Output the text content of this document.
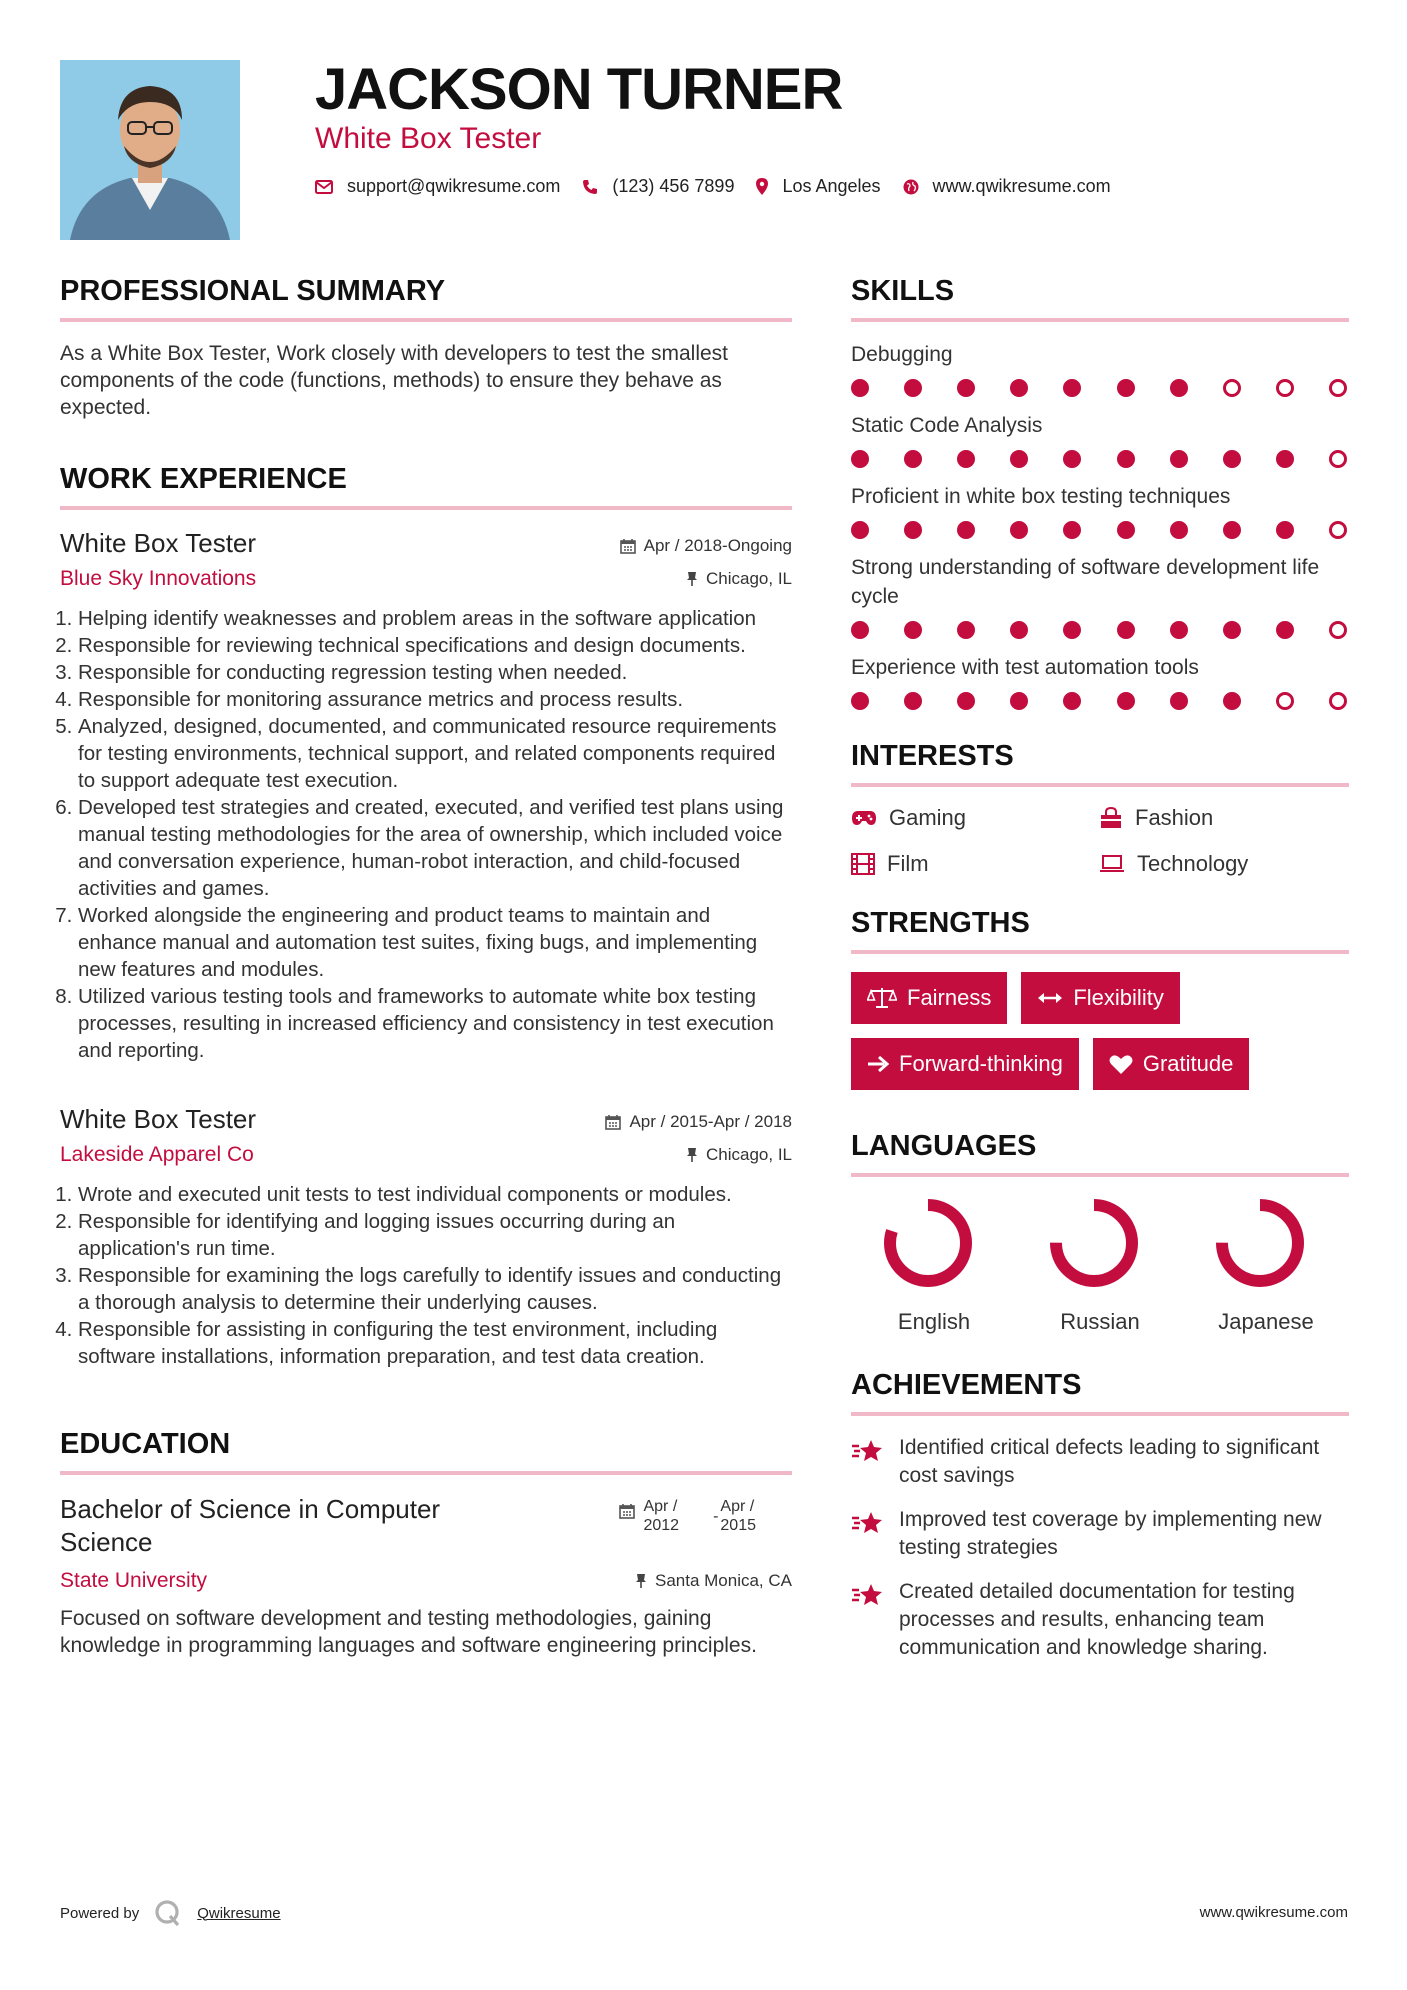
JACKSON TURNER
White Box Tester
support@qwikresume.com	(123) 456 7899	Los Angeles	www.qwikresume.com
PROFESSIONAL SUMMARY

As a White Box Tester, Work closely with developers to test the smallest components of the code (functions, methods) to ensure they behave as expected.

WORK EXPERIENCE
White Box Tester	Apr / 2018-Ongoing
Blue Sky Innovations	Chicago, IL
1. Helping identify weaknesses and problem areas in the software application
2. Responsible for reviewing technical specifications and design documents.
3. Responsible for conducting regression testing when needed.
4. Responsible for monitoring assurance metrics and process results.
5. Analyzed, designed, documented, and communicated resource requirements for testing environments, technical support, and related components required to support adequate test execution.
6. Developed test strategies and created, executed, and verified test plans using manual testing methodologies for the area of ownership, which included voice and conversation experience, human-robot interaction, and child-focused activities and games.
7. Worked alongside the engineering and product teams to maintain and enhance manual and automation test suites, fixing bugs, and implementing new features and modules.
8. Utilized various testing tools and frameworks to automate white box testing processes, resulting in increased efficiency and consistency in test execution and reporting.
White Box Tester	Apr / 2015-Apr / 2018
Lakeside Apparel Co	Chicago, IL
1. Wrote and executed unit tests to test individual components or modules.
2. Responsible for identifying and logging issues occurring during an application's run time.
3. Responsible for examining the logs carefully to identify issues and conducting a thorough analysis to determine their underlying causes.
4. Responsible for assisting in configuring the test environment, including software installations, information preparation, and test data creation.
EDUCATION
Bachelor of Science in Computer Science
Apr /
2012
-
Apr /
2015
State University	Santa Monica, CA

Focused on software development and testing methodologies, gaining knowledge in programming languages and software engineering principles.

SKILLS
Debugging
Static Code Analysis
Proficient in white box testing techniques
Strong understanding of software development life cycle
Experience with test automation tools
INTERESTS
Gaming	Fashion
Film	Technology
STRENGTHS
Fairness	Flexibility
Forward-thinking	Gratitude
LANGUAGES
English	Russian	Japanese
ACHIEVEMENTS
Identified critical defects leading to significant cost savings
Improved test coverage by implementing new testing strategies
Created detailed documentation for testing processes and results, enhancing team communication and knowledge sharing.
Powered by	Qwikresume	www.qwikresume.com
